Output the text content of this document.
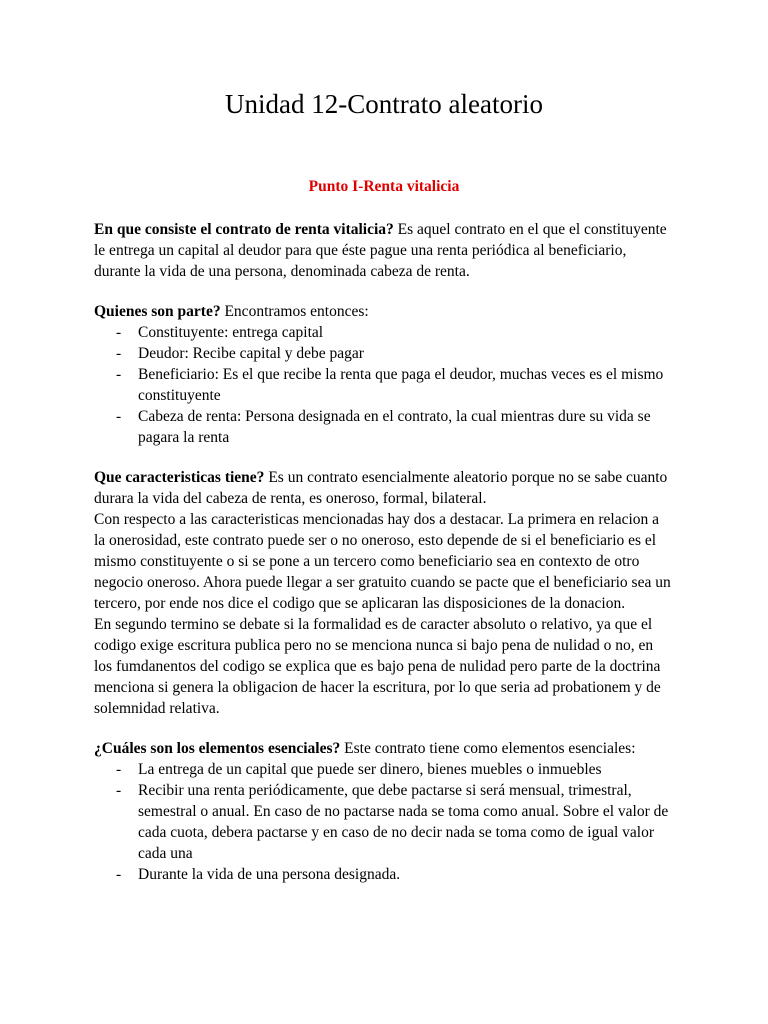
Unidad 12-Contrato aleatorio
Punto I-Renta vitalicia

En que consiste el contrato de renta vitalicia? Es aquel contrato en el que el constituyente le entrega un capital al deudor para que éste pague una renta periódica al beneficiario, durante la vida de una persona, denominada cabeza de renta.

Quienes son parte? Encontramos entonces:

- Constituyente: entrega capital
- Deudor: Recibe capital y debe pagar
- Beneficiario: Es el que recibe la renta que paga el deudor, muchas veces es el mismo constituyente
- Cabeza de renta: Persona designada en el contrato, la cual mientras dure su vida se pagara la renta

Que caracteristicas tiene? Es un contrato esencialmente aleatorio porque no se sabe cuanto durara la vida del cabeza de renta, es oneroso, formal, bilateral.

Con respecto a las caracteristicas mencionadas hay dos a destacar. La primera en relacion a la onerosidad, este contrato puede ser o no oneroso, esto depende de si el beneficiario es el mismo constituyente o si se pone a un tercero como beneficiario sea en contexto de otro negocio oneroso. Ahora puede llegar a ser gratuito cuando se pacte que el beneficiario sea un tercero, por ende nos dice el codigo que se aplicaran las disposiciones de la donacion.

En segundo termino se debate si la formalidad es de caracter absoluto o relativo, ya que el codigo exige escritura publica pero no se menciona nunca si bajo pena de nulidad o no, en los fumdanentos del codigo se explica que es bajo pena de nulidad pero parte de la doctrina menciona si genera la obligacion de hacer la escritura, por lo que seria ad probationem y de solemnidad relativa.

¿Cuáles son los elementos esenciales? Este contrato tiene como elementos esenciales:

- La entrega de un capital que puede ser dinero, bienes muebles o inmuebles
- Recibir una renta periódicamente, que debe pactarse si será mensual, trimestral, semestral o anual. En caso de no pactarse nada se toma como anual. Sobre el valor de cada cuota, debera pactarse y en caso de no decir nada se toma como de igual valor cada una
- Durante la vida de una persona designada.
